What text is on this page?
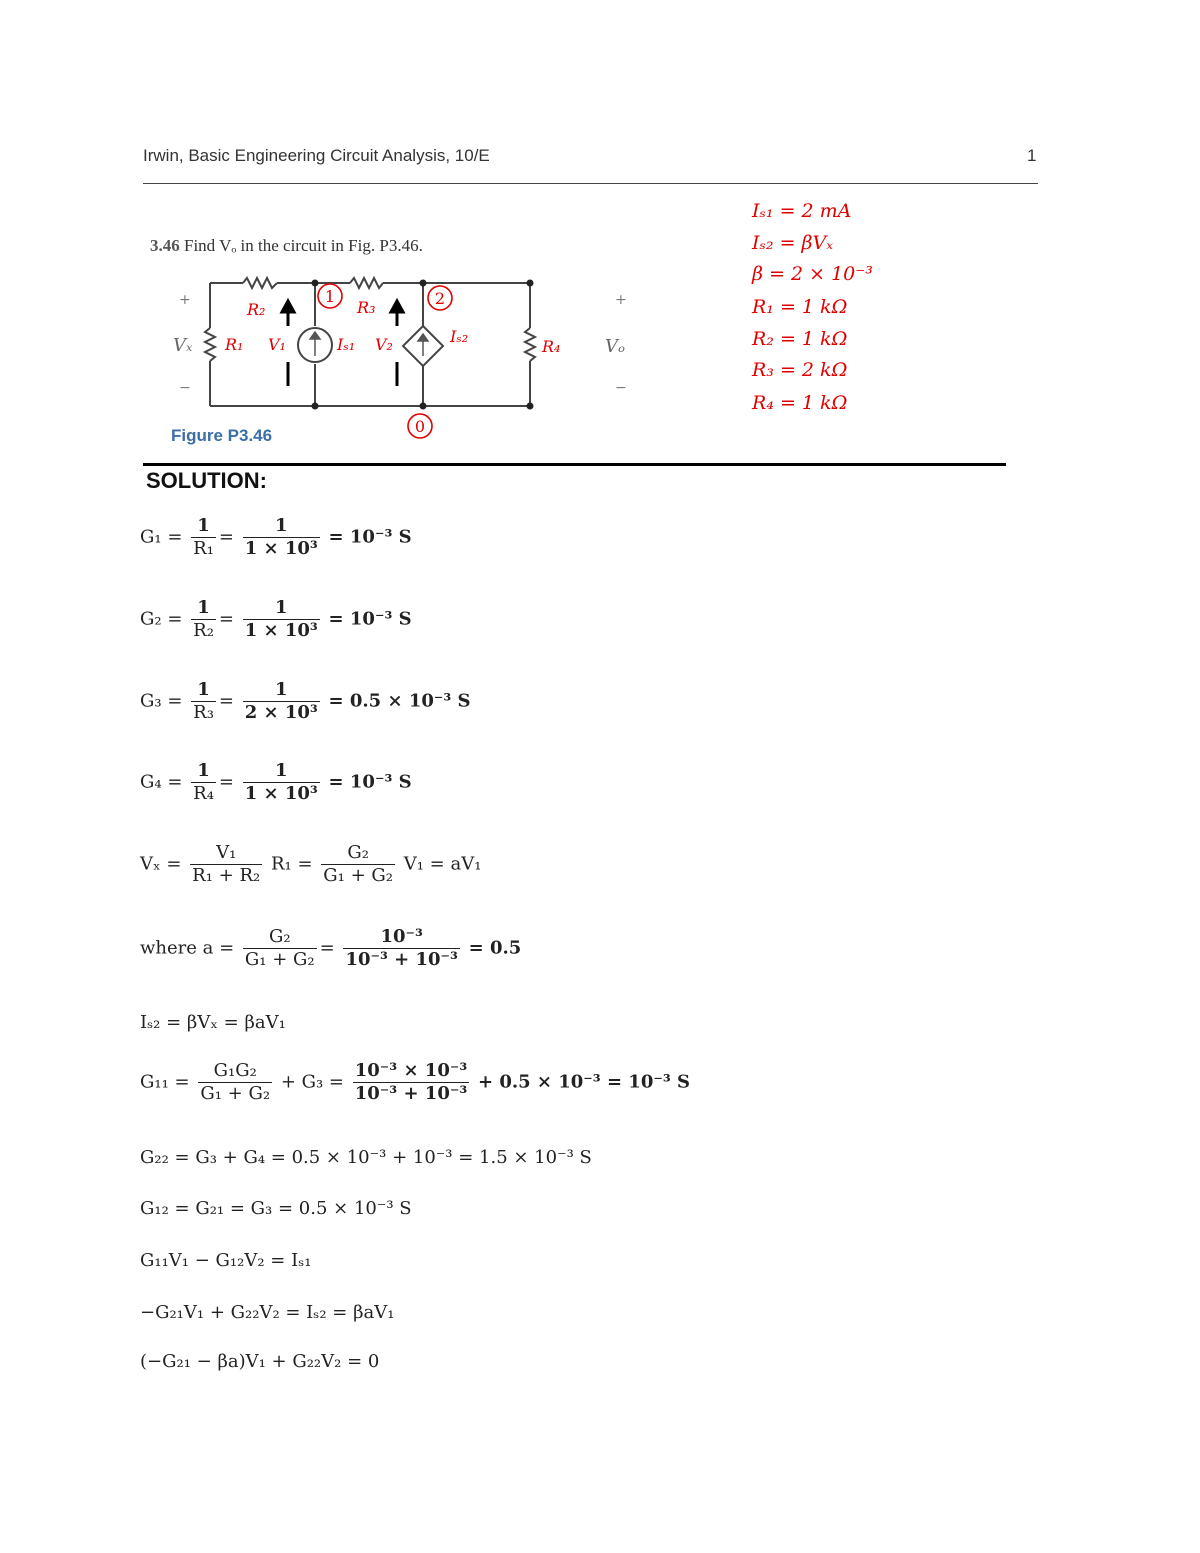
Irwin, Basic Engineering Circuit Analysis, 10/E	1
3.46 Find Vₒ in the circuit in Fig. P3.46.
1	2
0
R₂	R₃
R₁	R₄
V₁	V₂
Iₛ₁	Iₛ₂
Vₓ	Vₒ
+
−
+
−
Figure P3.46
Iₛ₁ = 2 mA
Iₛ₂ = βVₓ
β = 2 × 10⁻³
R₁ = 1 kΩ
R₂ = 1 kΩ
R₃ = 2 kΩ
R₄ = 1 kΩ
SOLUTION:
$G_1 = \frac{1}{\text{R₁}} = \frac{1}{\text{1 × 10³}} = 10^{-3}$ S
$G_2 = \frac{1}{\text{R₂}} = \frac{1}{\text{1 × 10³}} = 10^{-3}$ S
$G_3 = \frac{1}{\text{R₃}} = \frac{1}{\text{2 × 10³}} = 0.5 \times 10^{-3}$ S
$G_4 = \frac{1}{\text{R₄}} = \frac{1}{\text{1 × 10³}} = 10^{-3}$ S
$V_x = \frac{\text{V₁}}{\text{R₁ + R₂}} R_1 = \frac{\text{G₂}}{\text{G₁ + G₂}} V_1 = aV_1$
where $a = \frac{\text{G₂}}{\text{G₁ + G₂}} = \frac{\text{10⁻³}}{\text{10⁻³ + 10⁻³}} = 0.5$
Iₛ₂ = βVₓ = βaV₁
$G_{11} = \frac{\text{G₁G₂}}{\text{G₁ + G₂}} + G_3 = \frac{\text{10⁻³ × 10⁻³}}{\text{10⁻³ + 10⁻³}} + 0.5 \times 10^{-3} = 10^{-3}$ S
G₂₂ = G₃ + G₄ = 0.5 × 10⁻³ + 10⁻³ = 1.5 × 10⁻³ S
G₁₂ = G₂₁ = G₃ = 0.5 × 10⁻³ S
G₁₁V₁ − G₁₂V₂ = Iₛ₁
−G₂₁V₁ + G₂₂V₂ = Iₛ₂ = βaV₁
(−G₂₁ − βa)V₁ + G₂₂V₂ = 0
